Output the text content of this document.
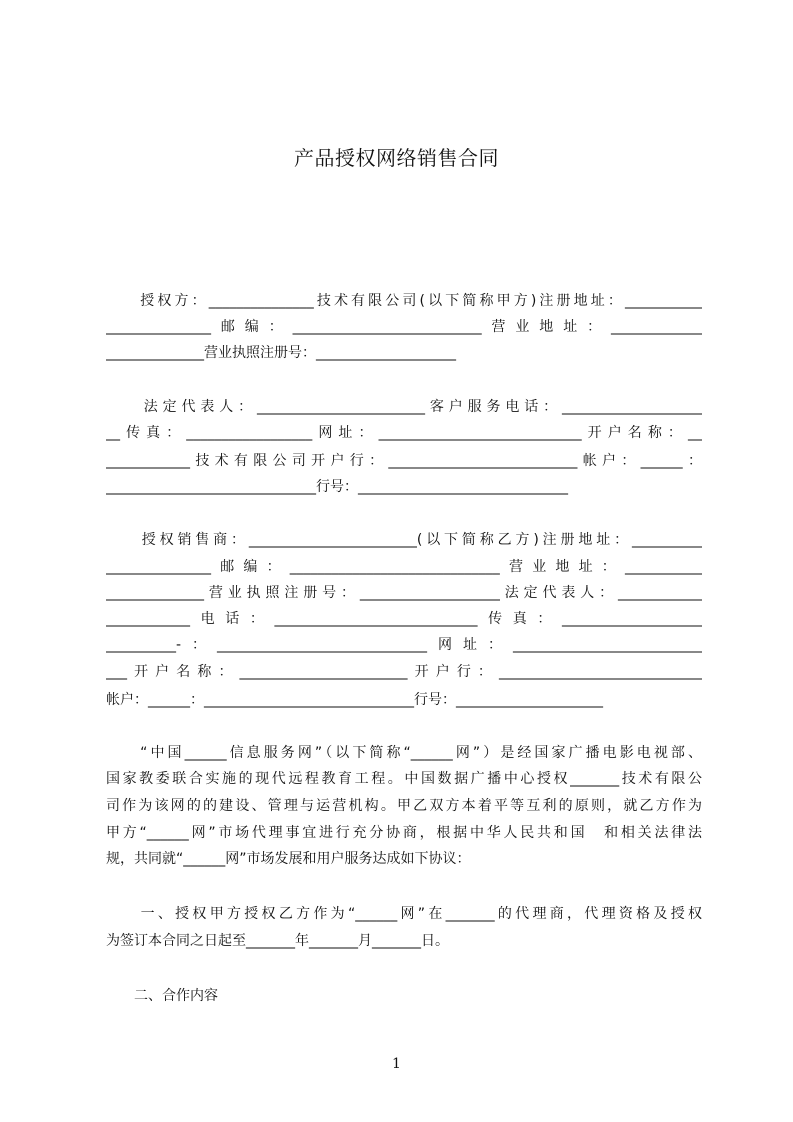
产品授权网络销售合同
　　授权方：_______________技术有限公司(以下简称甲方)注册地址：___________
_______________邮编：___________________________营业地址：_____________
______________营业执照注册号：____________________
　　法定代表人：________________________客户服务电话：____________________
__传真：__________________网址：_____________________________开户名称：__
____________技术有限公司开户行：___________________________帐户：______：
______________________________行号：______________________________
　　授权销售商：________________________(以下简称乙方)注册地址：__________
_______________邮编：______________________________营业地址：___________
______________营业执照注册号：____________________法定代表人：____________
____________电话：_____________________________传真：____________________
__________-：______________________________网址：___________________________
___开户名称：________________________开户行：_____________________________
帐户：______：______________________________行号：_____________________
　　“中国______信息服务网”（以下简称“______网”）是经国家广播电影电视部、
国家教委联合实施的现代远程教育工程。中国数据广播中心授权_______技术有限公
司作为该网的的建设、管理与运营机构。甲乙双方本着平等互利的原则，就乙方作为
甲方“______网”市场代理事宜进行充分协商，根据中华人民共和国　和相关法律法
规，共同就“______网”市场发展和用户服务达成如下协议：
　　一、授权甲方授权乙方作为“______网”在_______的代理商，代理资格及授权
为签订本合同之日起至_______年_______月_______日。
　　二、合作内容
1
